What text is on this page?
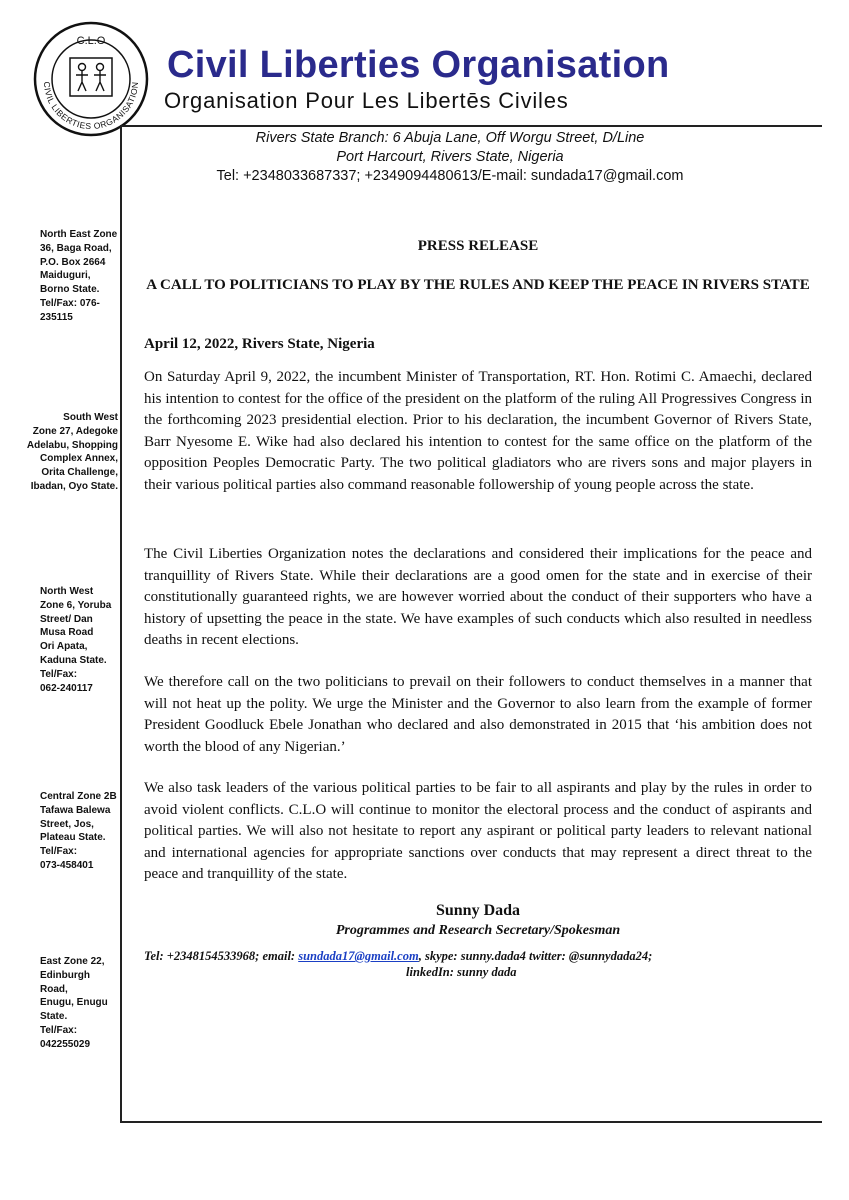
C.L.O
CIVIL LIBERTIES ORGANISATION Civil Liberties Organisation
Organisation Pour Les Libertēs Civiles
Rivers State Branch: 6 Abuja Lane, Off Worgu Street, D/Line
Port Harcourt, Rivers State, Nigeria
Tel: +2348033687337; +2349094480613/E-mail: sundada17@gmail.com
North East Zone
36, Baga Road,
P.O. Box 2664
Maiduguri,
Borno State.
Tel/Fax: 076-
235115
South West
Zone 27, Adegoke
Adelabu, Shopping
Complex Annex,
Orita Challenge,
Ibadan, Oyo State.
North West
Zone 6, Yoruba
Street/ Dan
Musa Road
Ori Apata,
Kaduna State.
Tel/Fax:
062-240117
Central Zone 2B
Tafawa Balewa
Street, Jos,
Plateau State.
Tel/Fax:
073-458401
East Zone 22,
Edinburgh
Road,
Enugu, Enugu
State.
Tel/Fax:
042255029
PRESS RELEASE
A CALL TO POLITICIANS TO PLAY BY THE RULES AND KEEP THE PEACE IN RIVERS STATE
April 12, 2022, Rivers State, Nigeria

On Saturday April 9, 2022, the incumbent Minister of Transportation, RT. Hon. Rotimi C. Amaechi, declared his intention to contest for the office of the president on the platform of the ruling All Progressives Congress in the forthcoming 2023 presidential election. Prior to his declaration, the incumbent Governor of Rivers State, Barr Nyesome E. Wike had also declared his intention to contest for the same office on the platform of the opposition Peoples Democratic Party. The two political gladiators who are rivers sons and major players in their various political parties also command reasonable followership of young people across the state.

The Civil Liberties Organization notes the declarations and considered their implications for the peace and tranquillity of Rivers State. While their declarations are a good omen for the state and in exercise of their constitutionally guaranteed rights, we are however worried about the conduct of their supporters who have a history of upsetting the peace in the state. We have examples of such conducts which also resulted in needless deaths in recent elections.

We therefore call on the two politicians to prevail on their followers to conduct themselves in a manner that will not heat up the polity. We urge the Minister and the Governor to also learn from the example of former President Goodluck Ebele Jonathan who declared and also demonstrated in 2015 that ‘his ambition does not worth the blood of any Nigerian.’

We also task leaders of the various political parties to be fair to all aspirants and play by the rules in order to avoid violent conflicts. C.L.O will continue to monitor the electoral process and the conduct of aspirants and political parties. We will also not hesitate to report any aspirant or political party leaders to relevant national and international agencies for appropriate sanctions over conducts that may represent a direct threat to the peace and tranquillity of the state.

Sunny Dada
Programmes and Research Secretary/Spokesman
Tel: +2348154533968; email: sundada17@gmail.com, skype: sunny.dada4 twitter: @sunnydada24;
linkedIn: sunny dada
